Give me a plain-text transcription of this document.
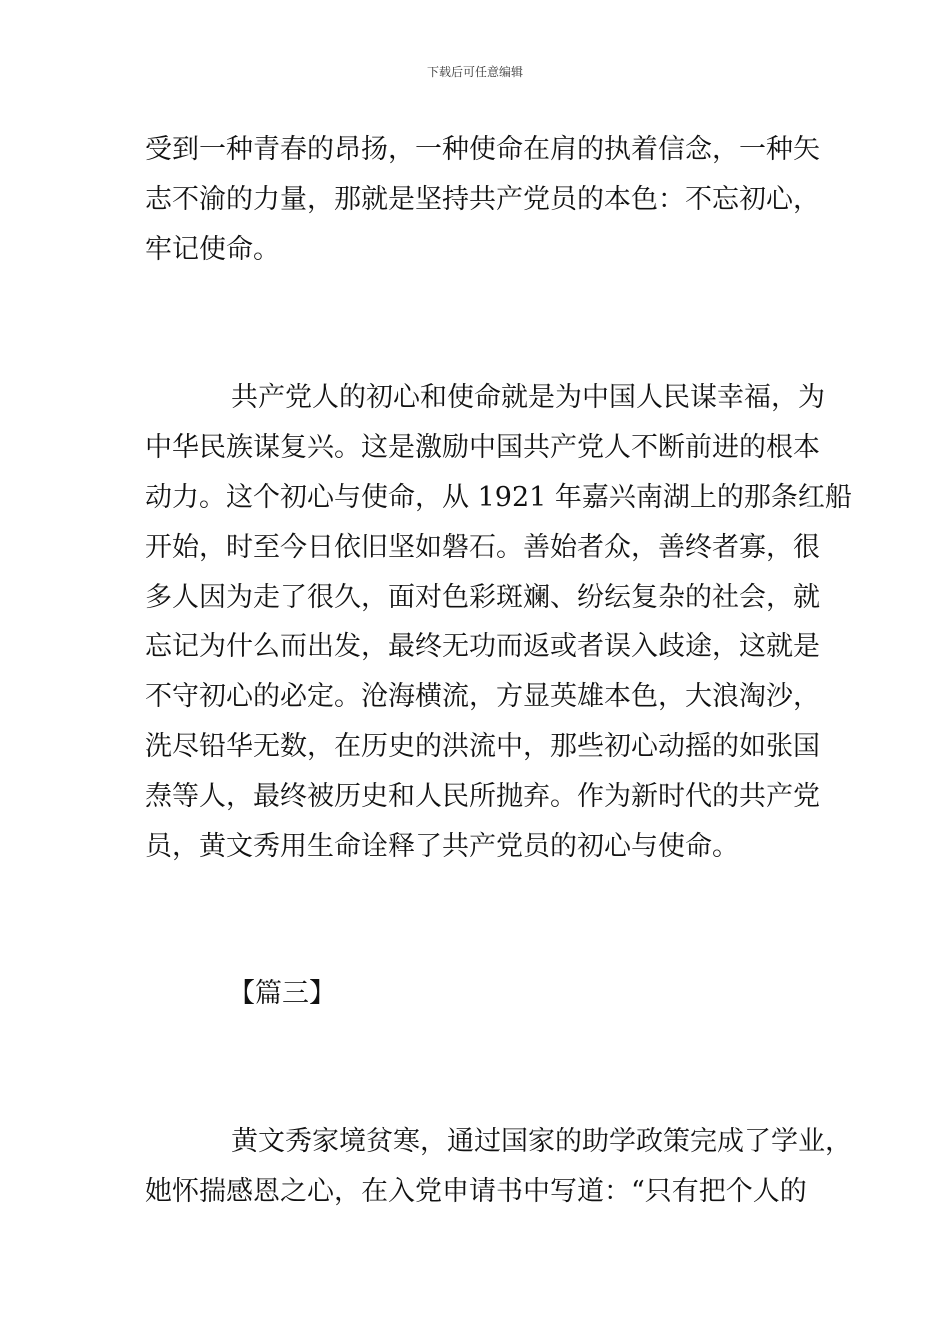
下载后可任意编辑
受到一种青春的昂扬，一种使命在肩的执着信念，一种矢
志不渝的力量，那就是坚持共产党员的本色：不忘初心，
牢记使命。
共产党人的初心和使命就是为中国人民谋幸福，为
中华民族谋复兴。这是激励中国共产党人不断前进的根本
动力。这个初心与使命，从 1921 年嘉兴南湖上的那条红船
开始，时至今日依旧坚如磐石。善始者众，善终者寡，很
多人因为走了很久，面对色彩斑斓、纷纭复杂的社会，就
忘记为什么而出发，最终无功而返或者误入歧途，这就是
不守初心的必定。沧海横流，方显英雄本色，大浪淘沙，
洗尽铅华无数，在历史的洪流中，那些初心动摇的如张国
焘等人，最终被历史和人民所抛弃。作为新时代的共产党
员，黄文秀用生命诠释了共产党员的初心与使命。
【篇三】
黄文秀家境贫寒，通过国家的助学政策完成了学业，
她怀揣感恩之心，在入党申请书中写道：“只有把个人的
